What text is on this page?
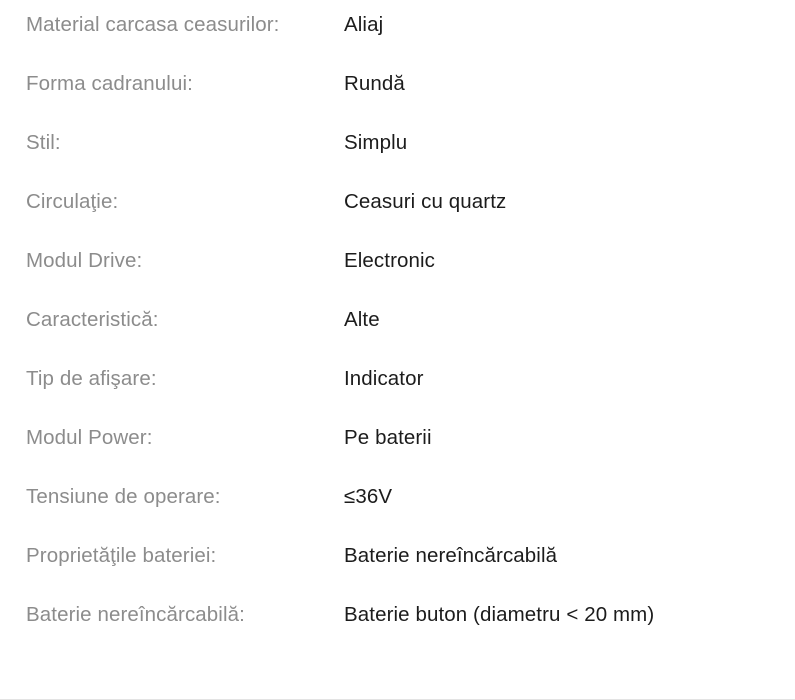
Material carcasa ceasurilor:	Aliaj
Forma cadranului:	Rundă
Stil:	Simplu
Circulaţie:	Ceasuri cu quartz
Modul Drive:	Electronic
Caracteristică:	Alte
Tip de afişare:	Indicator
Modul Power:	Pe baterii
Tensiune de operare:	≤36V
Proprietăţile bateriei:	Baterie nereîncărcabilă
Baterie nereîncărcabilă:	Baterie buton (diametru < 20 mm)
